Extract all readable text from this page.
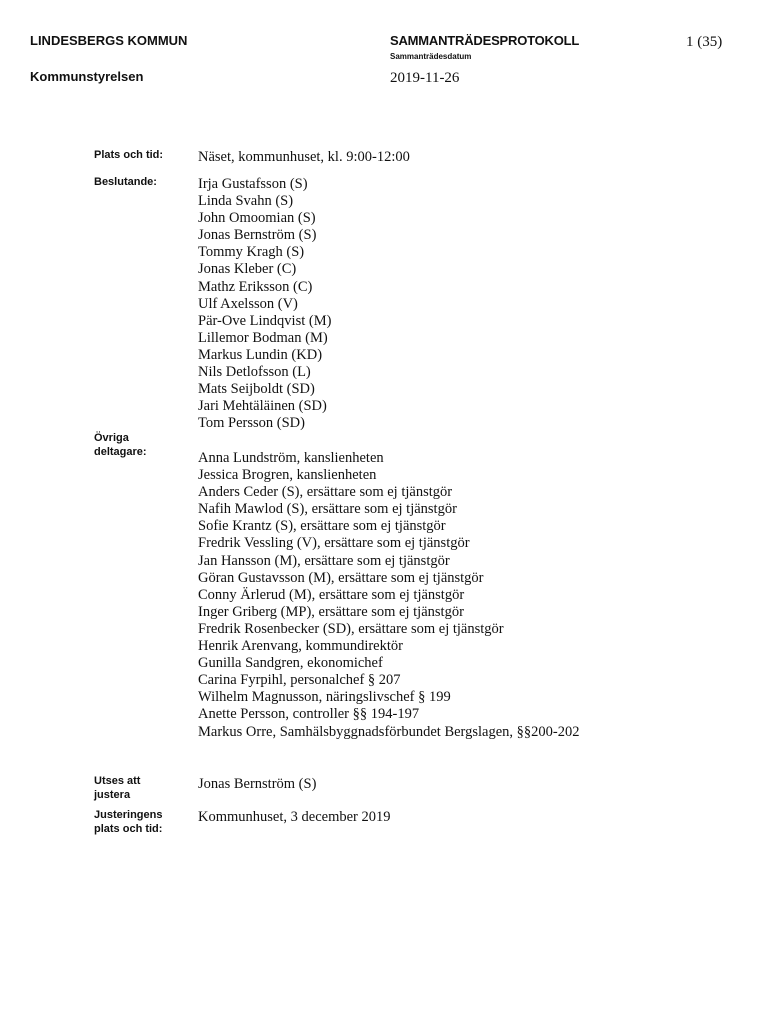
LINDESBERGS KOMMUN
Kommunstyrelsen
SAMMANTRÄDESPROTOKOLL
Sammanträdesdatum
2019-11-26
1 (35)
Plats och tid: Näset, kommunhuset, kl. 9:00-12:00
Beslutande:	Irja Gustafsson (S)
Linda Svahn (S)
John Omoomian (S)
Jonas Bernström (S)
Tommy Kragh (S)
Jonas Kleber (C)
Mathz Eriksson (C)
Ulf Axelsson (V)
Pär-Ove Lindqvist (M)
Lillemor Bodman (M)
Markus Lundin (KD)
Nils Detlofsson (L)
Mats Seijboldt (SD)
Jari Mehtäläinen (SD)
Tom Persson (SD)
Övriga
deltagare:	Anna Lundström, kanslienheten
Jessica Brogren, kanslienheten
Anders Ceder (S), ersättare som ej tjänstgör
Nafih Mawlod (S), ersättare som ej tjänstgör
Sofie Krantz (S), ersättare som ej tjänstgör
Fredrik Vessling (V), ersättare som ej tjänstgör
Jan Hansson (M), ersättare som ej tjänstgör
Göran Gustavsson (M), ersättare som ej tjänstgör
Conny Ärlerud (M), ersättare som ej tjänstgör
Inger Griberg (MP), ersättare som ej tjänstgör
Fredrik Rosenbecker (SD), ersättare som ej tjänstgör
Henrik Arenvang, kommundirektör
Gunilla Sandgren, ekonomichef
Carina Fyrpihl, personalchef § 207
Wilhelm Magnusson, näringslivschef § 199
Anette Persson, controller §§ 194-197
Markus Orre, Samhälsbyggnadsförbundet Bergslagen, §§200-202
Utses att
justera
Jonas Bernström (S)
Justeringens
plats och tid:
Kommunhuset, 3 december 2019
